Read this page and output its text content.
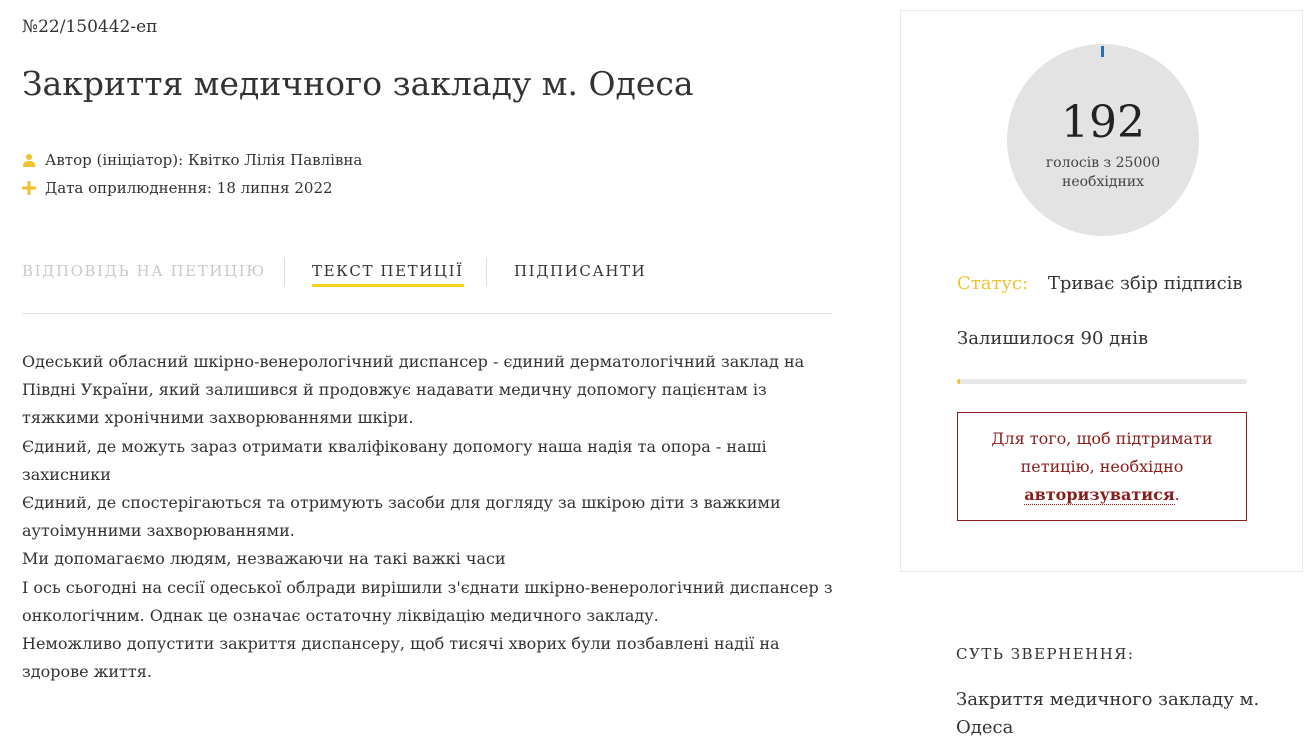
№22/150442-еп
Закриття медичного закладу м. Одеса
Автор (ініціатор):
Квітко Лілія Павлівна
Дата оприлюднення:
18 липня 2022
ВІДПОВІДЬ НА ПЕТИЦІЮ	ТЕКСТ ПЕТИЦІЇ	ПІДПИСАНТИ

Одеський обласний шкірно-венерологічний диспансер - єдиний дерматологічний заклад на Півдні України, який залишився й продовжує надавати медичну допомогу пацієнтам із тяжкими хронічними захворюваннями шкіри.

Єдиний, де можуть зараз отримати кваліфіковану допомогу наша надія та опора - наші захисники

Єдиний, де спостерігаються та отримують засоби для догляду за шкірою діти з важкими аутоімунними захворюваннями.

Ми допомагаємо людям, незважаючи на такі важкі часи

І ось сьогодні на сесії одеської облради вирішили з'єднати шкірно-венерологічний диспансер з онкологічним. Однак це означає остаточну ліквідацію медичного закладу.

Неможливо допустити закриття диспансеру, щоб тисячі хворих були позбавлені надії на здорове життя.

192
голосів з 25000
необхідних
Статус: Триває збір підписів
Залишилося 90 днів
Для того, щоб підтримати петицію, необхідно
авторизуватися.
СУТЬ ЗВЕРНЕННЯ:
Закриття медичного закладу м. Одеса
